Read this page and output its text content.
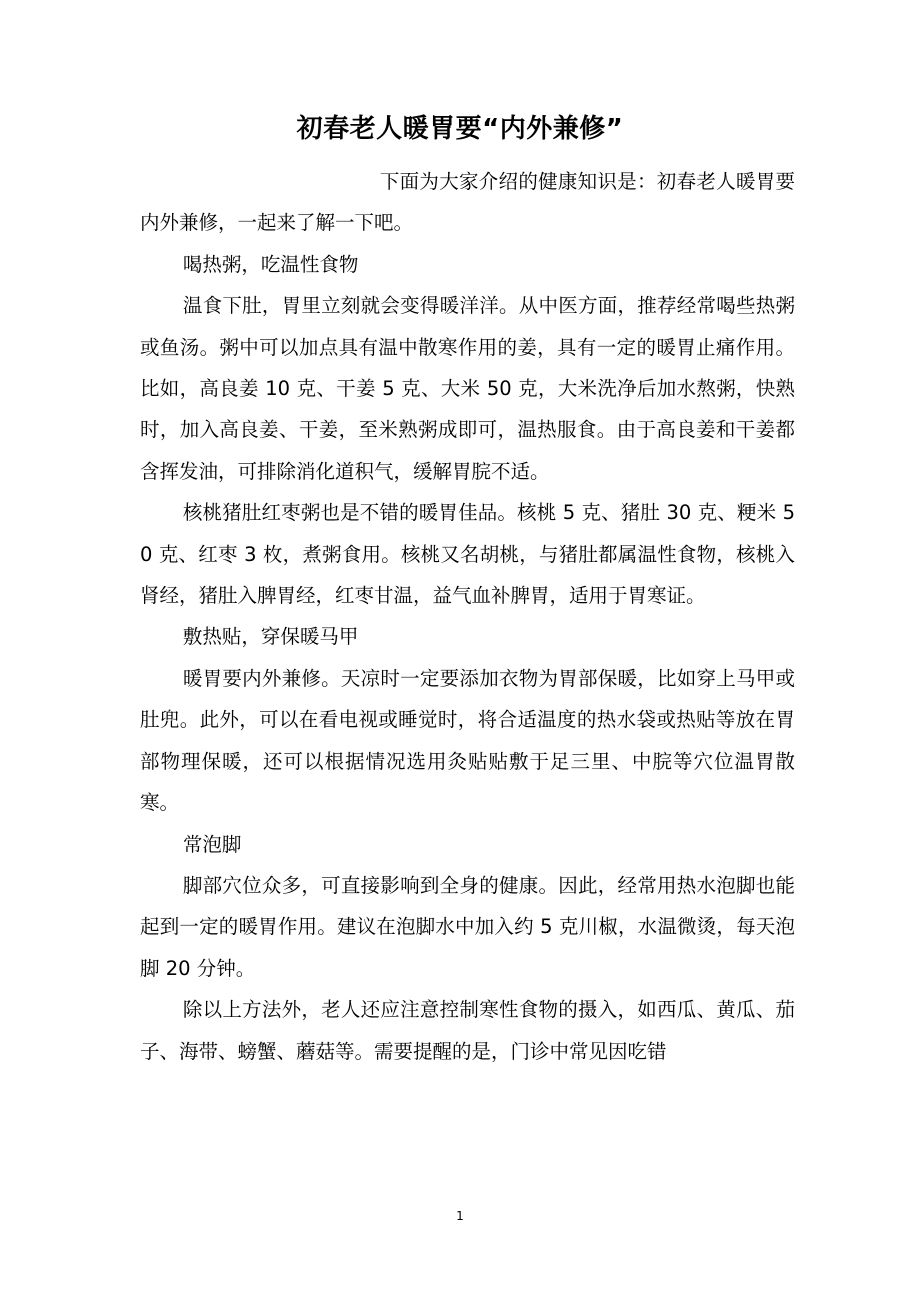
初春老人暖胃要“内外兼修”

下面为大家介绍的健康知识是：初春老人暖胃要内外兼修，一起来了解一下吧。

喝热粥，吃温性食物

温食下肚，胃里立刻就会变得暖洋洋。从中医方面，推荐经常喝些热粥或鱼汤。粥中可以加点具有温中散寒作用的姜，具有一定的暖胃止痛作用。比如，高良姜 10 克、干姜 5 克、大米 50 克，大米洗净后加水熬粥，快熟时，加入高良姜、干姜，至米熟粥成即可，温热服食。由于高良姜和干姜都含挥发油，可排除消化道积气，缓解胃脘不适。

核桃猪肚红枣粥也是不错的暖胃佳品。核桃 5 克、猪肚 30 克、粳米 50 克、红枣 3 枚，煮粥食用。核桃又名胡桃，与猪肚都属温性食物，核桃入肾经，猪肚入脾胃经，红枣甘温，益气血补脾胃，适用于胃寒证。

敷热贴，穿保暖马甲

暖胃要内外兼修。天凉时一定要添加衣物为胃部保暖，比如穿上马甲或肚兜。此外，可以在看电视或睡觉时，将合适温度的热水袋或热贴等放在胃部物理保暖，还可以根据情况选用灸贴贴敷于足三里、中脘等穴位温胃散寒。

常泡脚

脚部穴位众多，可直接影响到全身的健康。因此，经常用热水泡脚也能起到一定的暖胃作用。建议在泡脚水中加入约 5 克川椒，水温微烫，每天泡脚 20 分钟。

除以上方法外，老人还应注意控制寒性食物的摄入，如西瓜、黄瓜、茄子、海带、螃蟹、蘑菇等。需要提醒的是，门诊中常见因吃错

1
